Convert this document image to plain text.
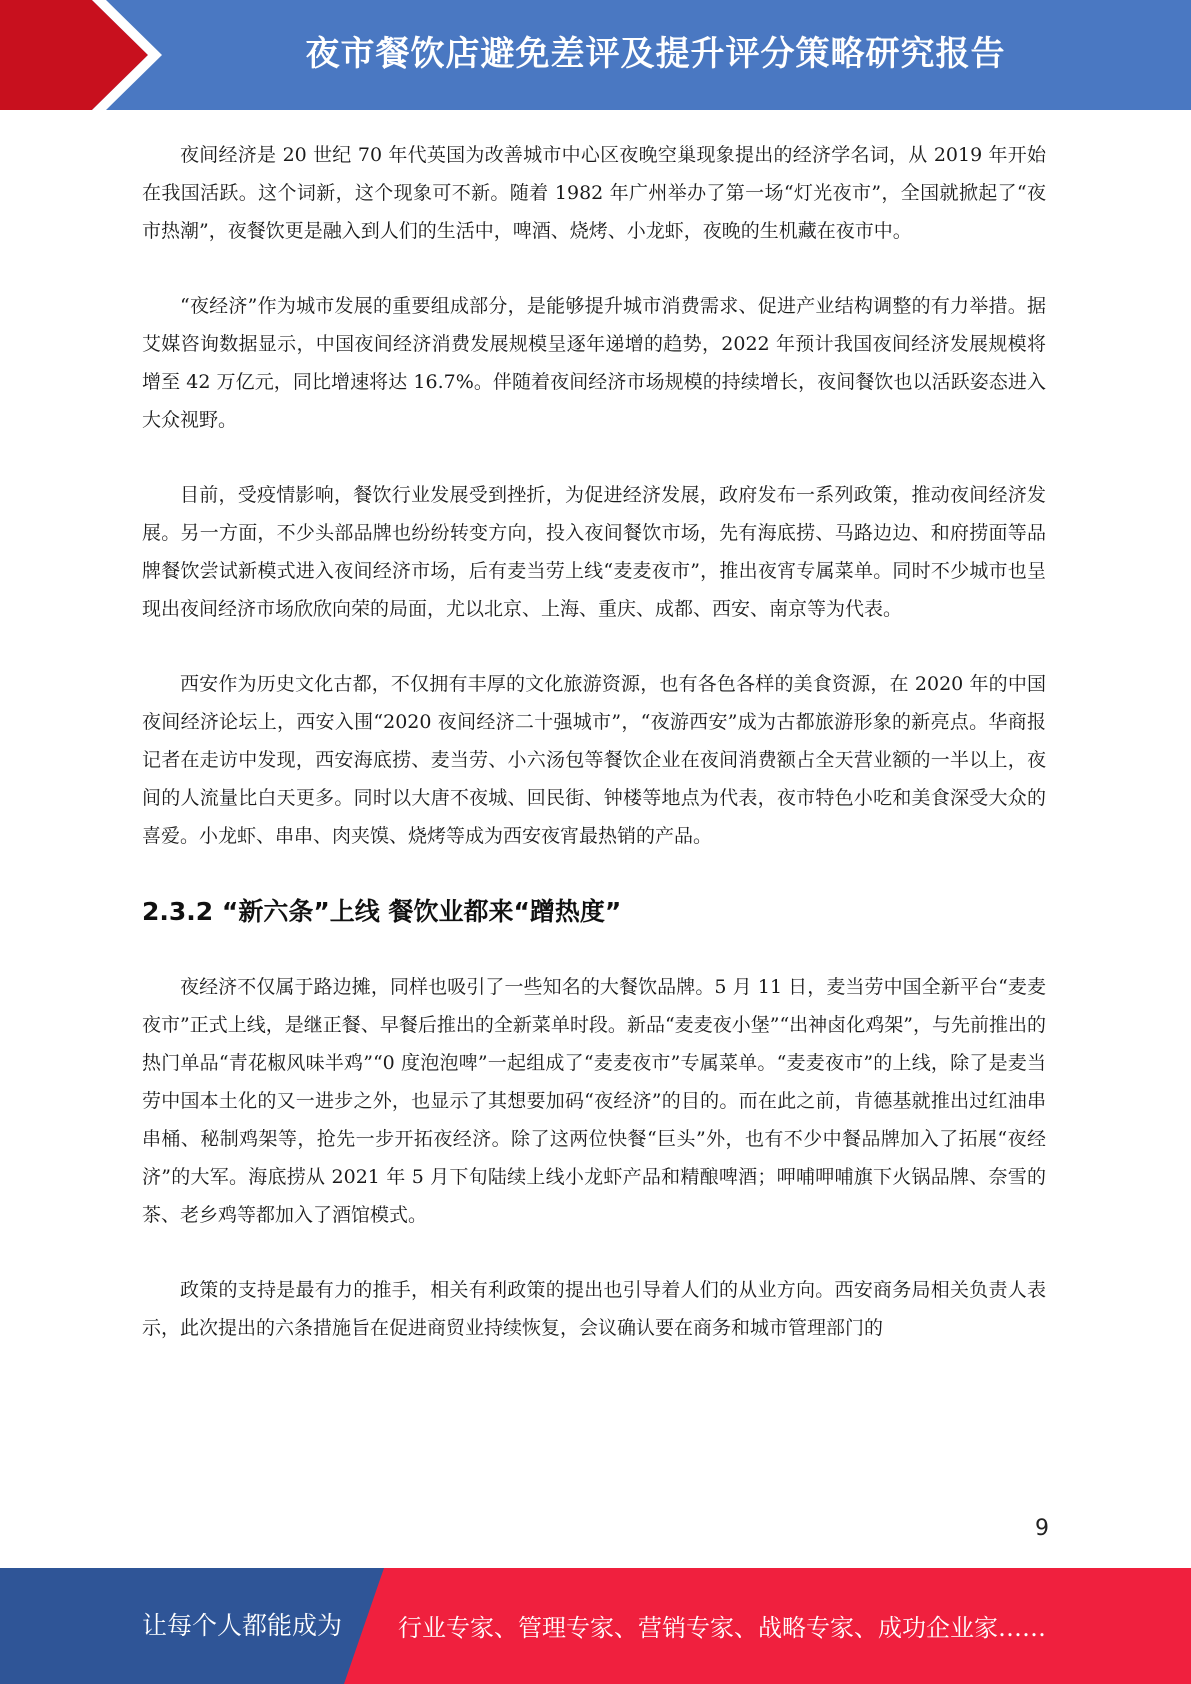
夜市餐饮店避免差评及提升评分策略研究报告

夜间经济是 20 世纪 70 年代英国为改善城市中心区夜晚空巢现象提出的经济学名词，从 2019 年开始在我国活跃。这个词新，这个现象可不新。随着 1982 年广州举办了第一场“灯光夜市”，全国就掀起了“夜市热潮”，夜餐饮更是融入到人们的生活中，啤酒、烧烤、小龙虾，夜晚的生机藏在夜市中。

“夜经济”作为城市发展的重要组成部分，是能够提升城市消费需求、促进产业结构调整的有力举措。据艾媒咨询数据显示，中国夜间经济消费发展规模呈逐年递增的趋势，2022 年预计我国夜间经济发展规模将增至 42 万亿元，同比增速将达 16.7%。伴随着夜间经济市场规模的持续增长，夜间餐饮也以活跃姿态进入大众视野。

目前，受疫情影响，餐饮行业发展受到挫折，为促进经济发展，政府发布一系列政策，推动夜间经济发展。另一方面，不少头部品牌也纷纷转变方向，投入夜间餐饮市场，先有海底捞、马路边边、和府捞面等品牌餐饮尝试新模式进入夜间经济市场，后有麦当劳上线“麦麦夜市”，推出夜宵专属菜单。同时不少城市也呈现出夜间经济市场欣欣向荣的局面，尤以北京、上海、重庆、成都、西安、南京等为代表。

西安作为历史文化古都，不仅拥有丰厚的文化旅游资源，也有各色各样的美食资源，在 2020 年的中国夜间经济论坛上，西安入围“2020 夜间经济二十强城市”，“夜游西安”成为古都旅游形象的新亮点。华商报记者在走访中发现，西安海底捞、麦当劳、小六汤包等餐饮企业在夜间消费额占全天营业额的一半以上，夜间的人流量比白天更多。同时以大唐不夜城、回民街、钟楼等地点为代表，夜市特色小吃和美食深受大众的喜爱。小龙虾、串串、肉夹馍、烧烤等成为西安夜宵最热销的产品。

2.3.2 “新六条”上线 餐饮业都来“蹭热度”

夜经济不仅属于路边摊，同样也吸引了一些知名的大餐饮品牌。5 月 11 日，麦当劳中国全新平台“麦麦夜市”正式上线，是继正餐、早餐后推出的全新菜单时段。新品“麦麦夜小堡”“出神卤化鸡架”，与先前推出的热门单品“青花椒风味半鸡”“0 度泡泡啤”一起组成了“麦麦夜市”专属菜单。“麦麦夜市”的上线，除了是麦当劳中国本土化的又一进步之外，也显示了其想要加码“夜经济”的目的。而在此之前，肯德基就推出过红油串串桶、秘制鸡架等，抢先一步开拓夜经济。除了这两位快餐“巨头”外，也有不少中餐品牌加入了拓展“夜经济”的大军。海底捞从 2021 年 5 月下旬陆续上线小龙虾产品和精酿啤酒；呷哺呷哺旗下火锅品牌、奈雪的茶、老乡鸡等都加入了酒馆模式。

政策的支持是最有力的推手，相关有利政策的提出也引导着人们的从业方向。西安商务局相关负责人表示，此次提出的六条措施旨在促进商贸业持续恢复，会议确认要在商务和城市管理部门的

9
让每个人都能成为 行业专家、管理专家、营销专家、战略专家、成功企业家……
